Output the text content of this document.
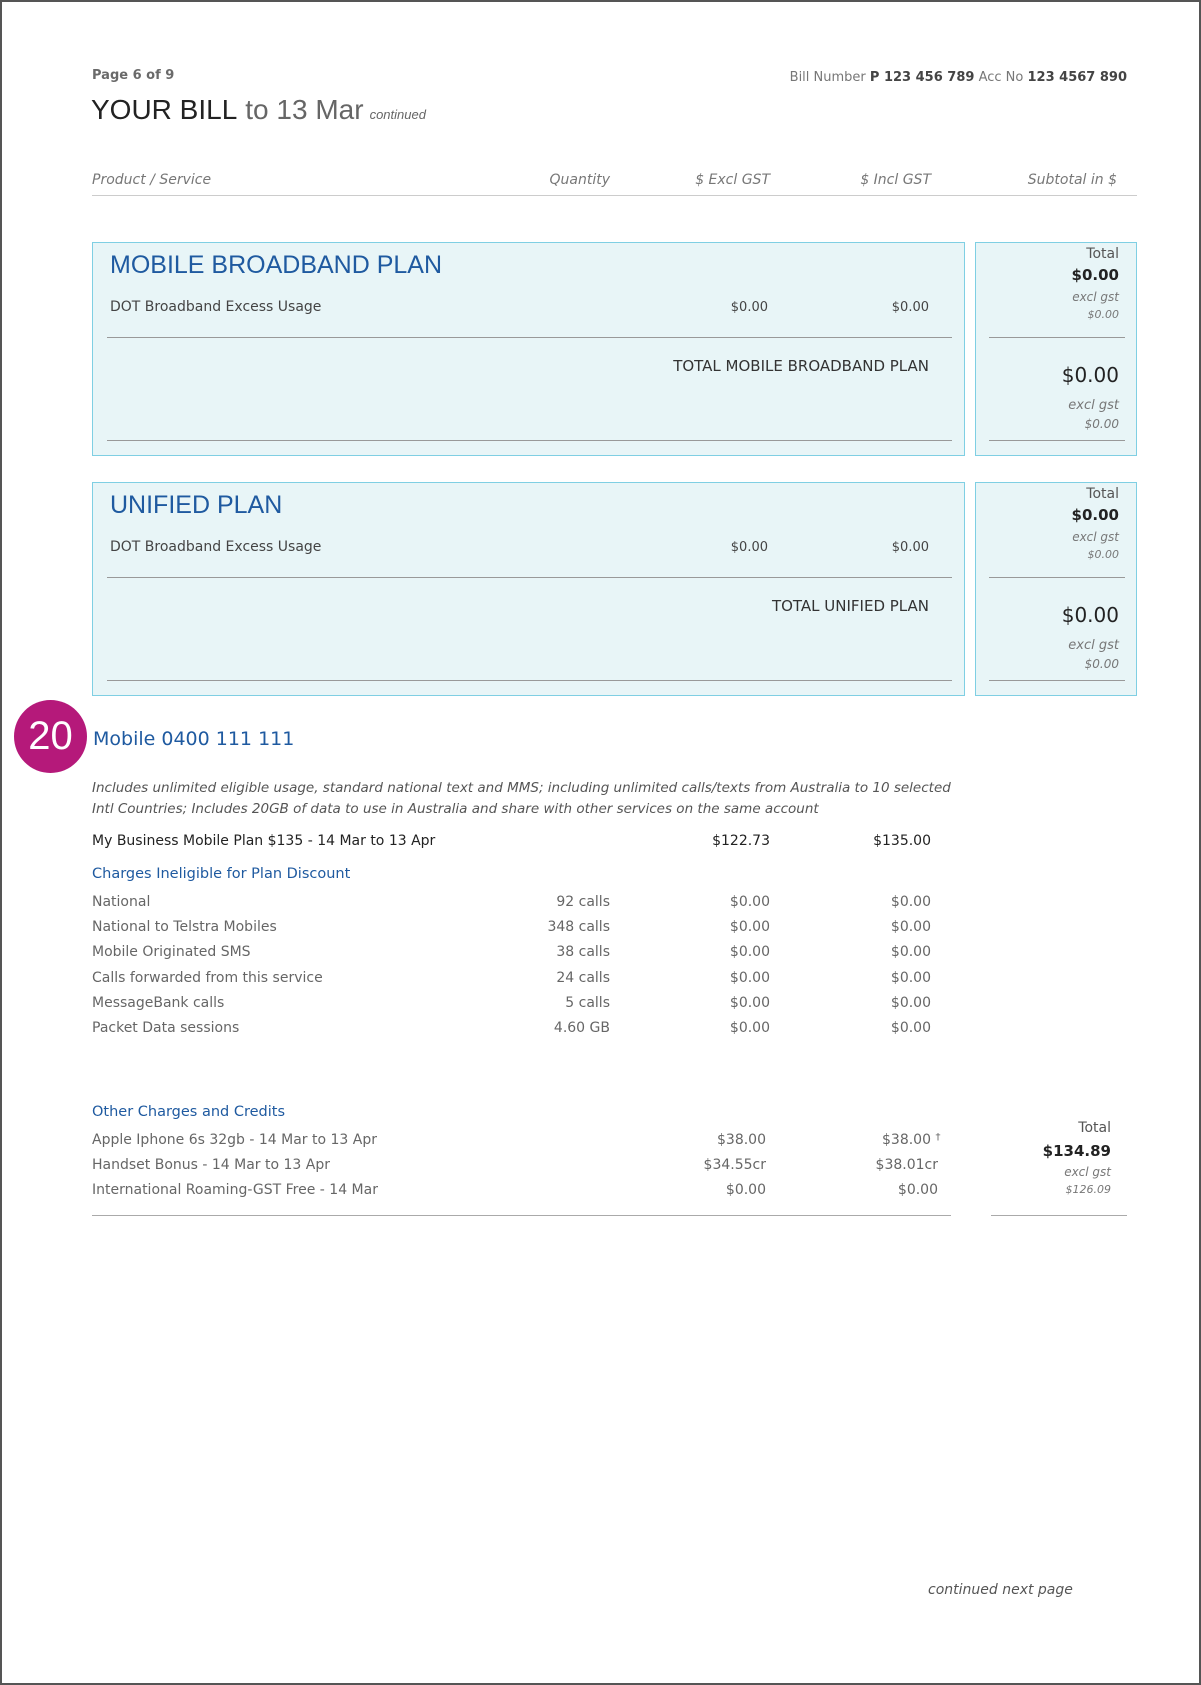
Page 6 of 9	Bill Number P 123 456 789 Acc No 123 4567 890
YOUR BILL to 13 Mar continued
Product / Service	Quantity	$ Excl GST	$ Incl GST	Subtotal in $
MOBILE BROADBAND PLAN
DOT Broadband Excess Usage	$0.00	$0.00
TOTAL MOBILE BROADBAND PLAN
Total
$0.00
excl gst
$0.00
$0.00
excl gst
$0.00
UNIFIED PLAN
DOT Broadband Excess Usage	$0.00	$0.00
TOTAL UNIFIED PLAN
Total
$0.00
excl gst
$0.00
$0.00
excl gst
$0.00
20	Mobile 0400 111 111
Includes unlimited eligible usage, standard national text and MMS; including unlimited calls/texts from Australia to 10 selected Intl Countries; Includes 20GB of data to use in Australia and share with other services on the same account
My Business Mobile Plan $135 - 14 Mar to 13 Apr	$122.73	$135.00
Charges Ineligible for Plan Discount
National	92 calls	$0.00	$0.00
National to Telstra Mobiles	348 calls	$0.00	$0.00
Mobile Originated SMS	38 calls	$0.00	$0.00
Calls forwarded from this service	24 calls	$0.00	$0.00
MessageBank calls	5 calls	$0.00	$0.00
Packet Data sessions	4.60 GB	$0.00	$0.00
Other Charges and Credits
Apple Iphone 6s 32gb - 14 Mar to 13 Apr	$38.00	$38.00 †
Handset Bonus - 14 Mar to 13 Apr	$34.55cr	$38.01cr
International Roaming-GST Free - 14 Mar	$0.00	$0.00
Total
$134.89
excl gst
$126.09
continued next page
